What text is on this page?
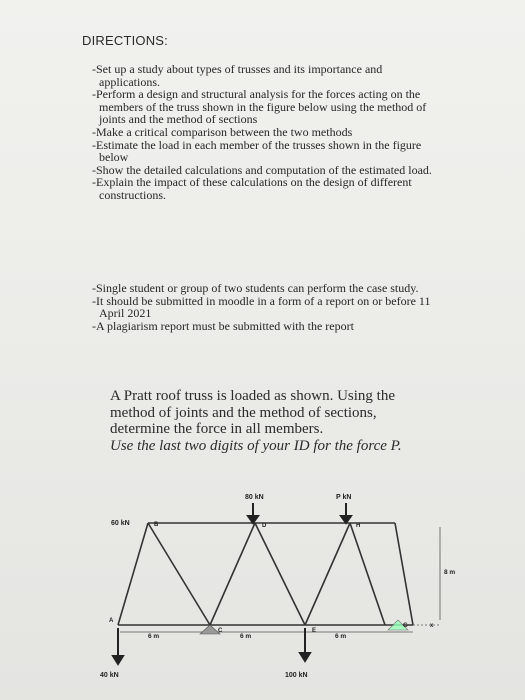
DIRECTIONS:
- Set up a study about types of trusses and its importance and applications.
- Perform a design and structural analysis for the forces acting on the members of the truss shown in the figure below using the method of joints and the method of sections
- Make a critical comparison between the two methods
- Estimate the load in each member of the trusses shown in the figure below
- Show the detailed calculations and computation of the estimated load.
- Explain the impact of these calculations on the design of different constructions.
- Single student or group of two students can perform the case study.
- It should be submitted in moodle in a form of a report on or before 11 April 2021
- A plagiarism report must be submitted with the report

A Pratt roof truss is loaded as shown. Using the method of joints and the method of sections, determine the force in all members.

Use the last two digits of your ID for the force P.

60 kN
80 kN	P kN
40 kN	100 kN
B	D	H
A
C	E
G	x
6 m	6 m	6 m
8 m
